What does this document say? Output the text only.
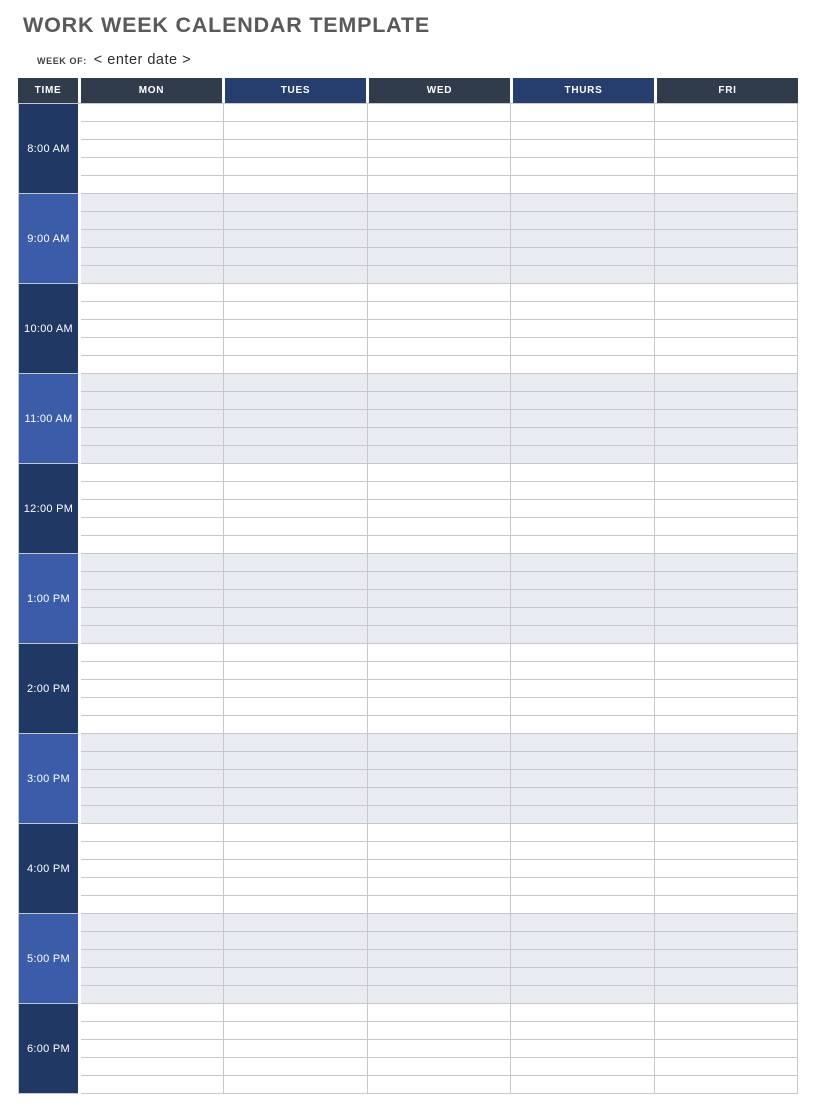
WORK WEEK CALENDAR TEMPLATE
WEEK OF: < enter date >
TIME	MON	TUES	WED	THURS	FRI
8:00 AM
9:00 AM
10:00 AM
11:00 AM
12:00 PM
1:00 PM
2:00 PM
3:00 PM
4:00 PM
5:00 PM
6:00 PM
